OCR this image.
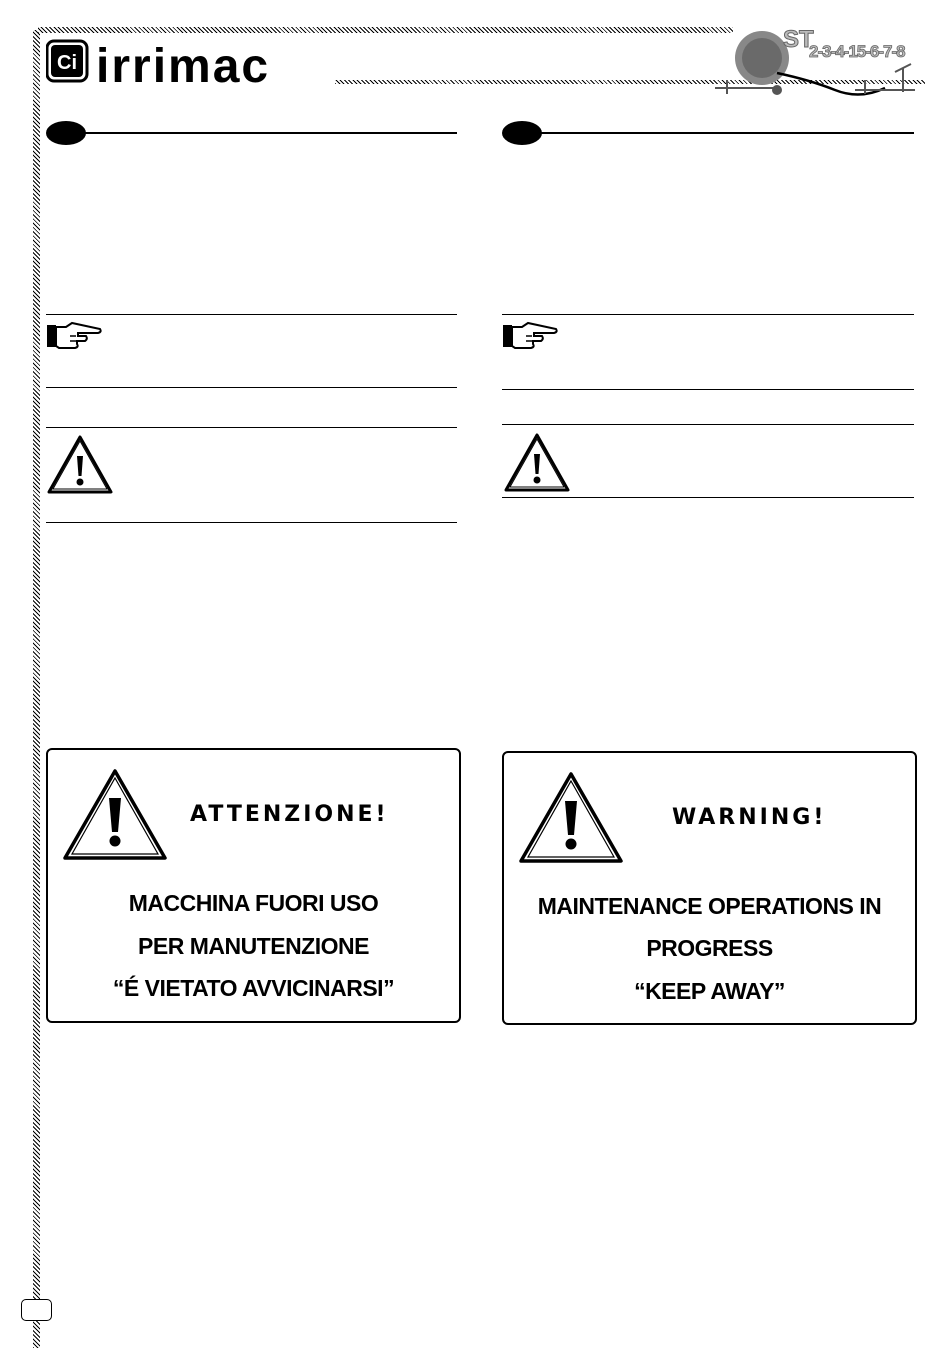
Ci irrimac
ST
2-3-4-15-6-7-8
ATTENZIONE!
MACCHINA FUORI USO
PER MANUTENZIONE
“É VIETATO AVVICINARSI”
WARNING!
MAINTENANCE OPERATIONS IN
PROGRESS
“KEEP AWAY”
